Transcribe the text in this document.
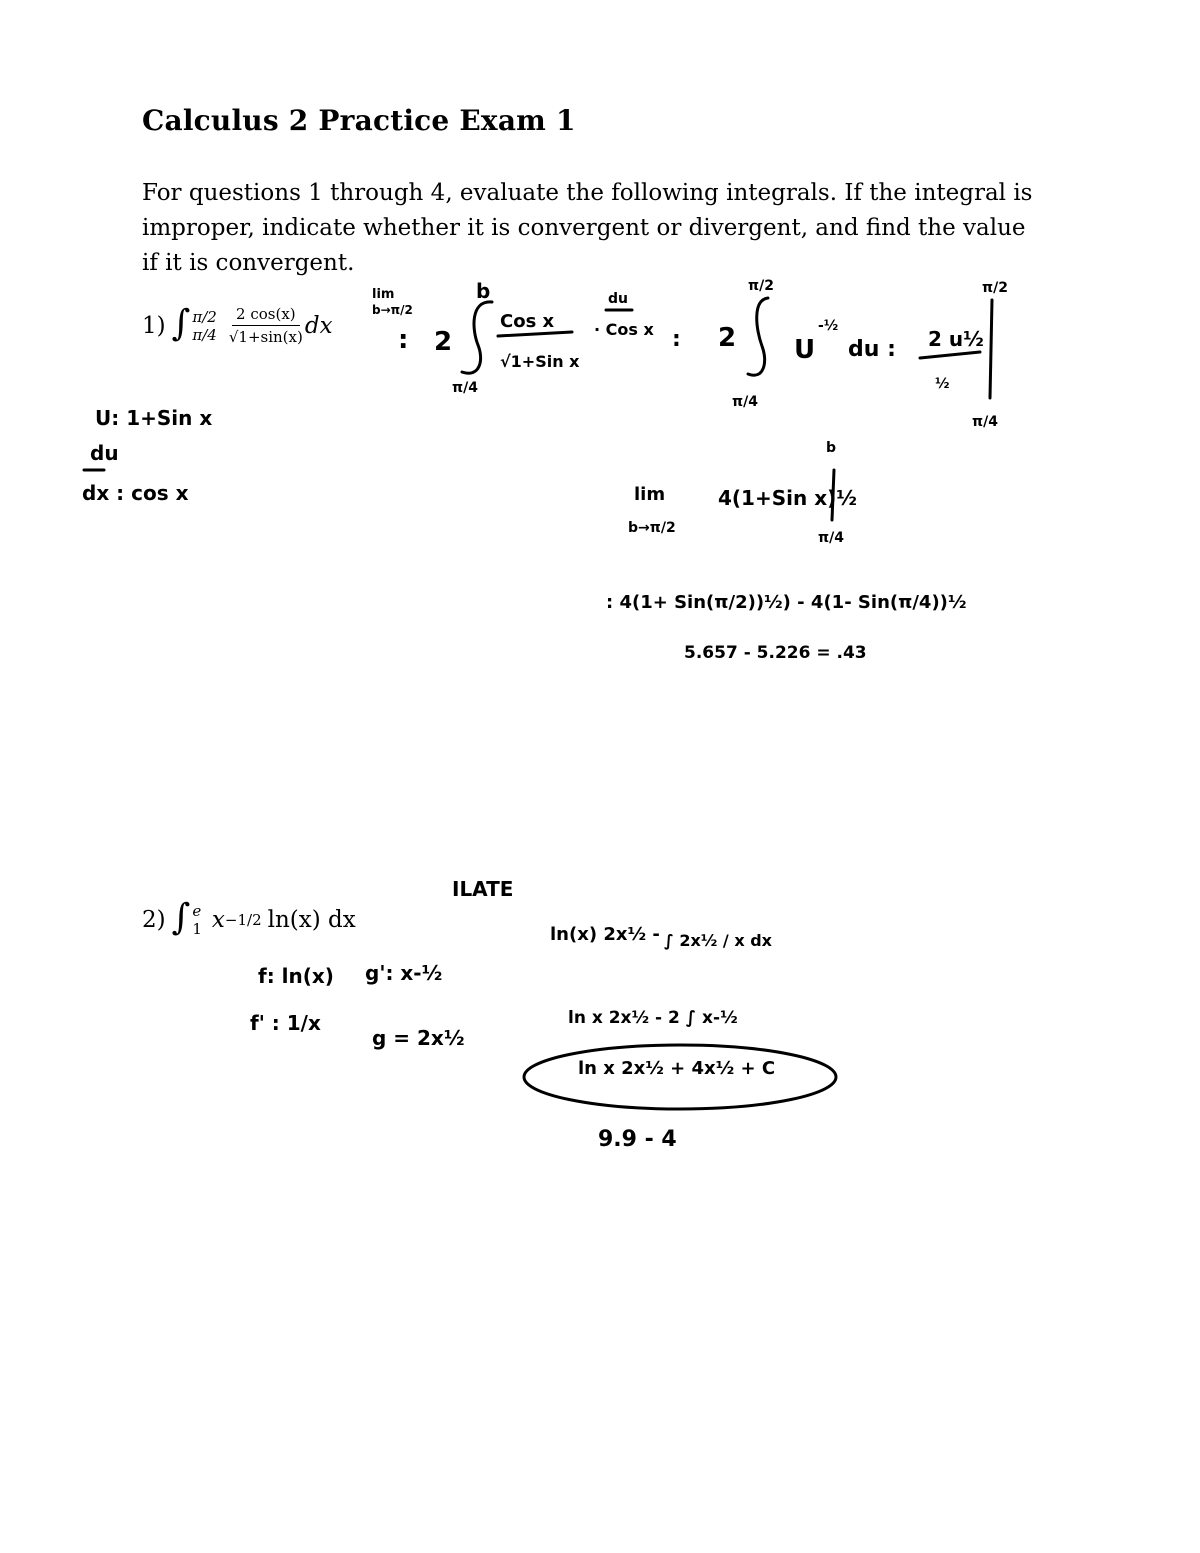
Calculus 2 Practice Exam 1
For questions 1 through 4, evaluate the following integrals. If the integral is improper, indicate whether it is convergent or divergent, and find the value if it is convergent.
1) ∫ π/2
$\pi/4 \frac{2 \cos(x)}{√1+\sin(x)}$ dx
2) ∫ e
1 x −1/2 ln(x) dx
lim
b→π/2
: 2
b
π/4
Cos x
√1+Sin x
du
· Cos x : 2
π/2
π/4
U
-½
du : 2 u½
½
π/2
π/4
U: 1+Sin x
du
dx : cos x	lim
b→π/2
4(1+Sin x)½
b
π/4
: 4(1+ Sin(π/2))½) - 4(1- Sin(π/4))½
5.657 - 5.226 = .43
ILATE
f: ln(x) g': x-½
f' : 1/x
g = 2x½
ln(x) 2x½ - ∫ 2x½ / x dx
ln x 2x½ - 2 ∫ x-½
ln x 2x½ + 4x½ + C
9.9 - 4
